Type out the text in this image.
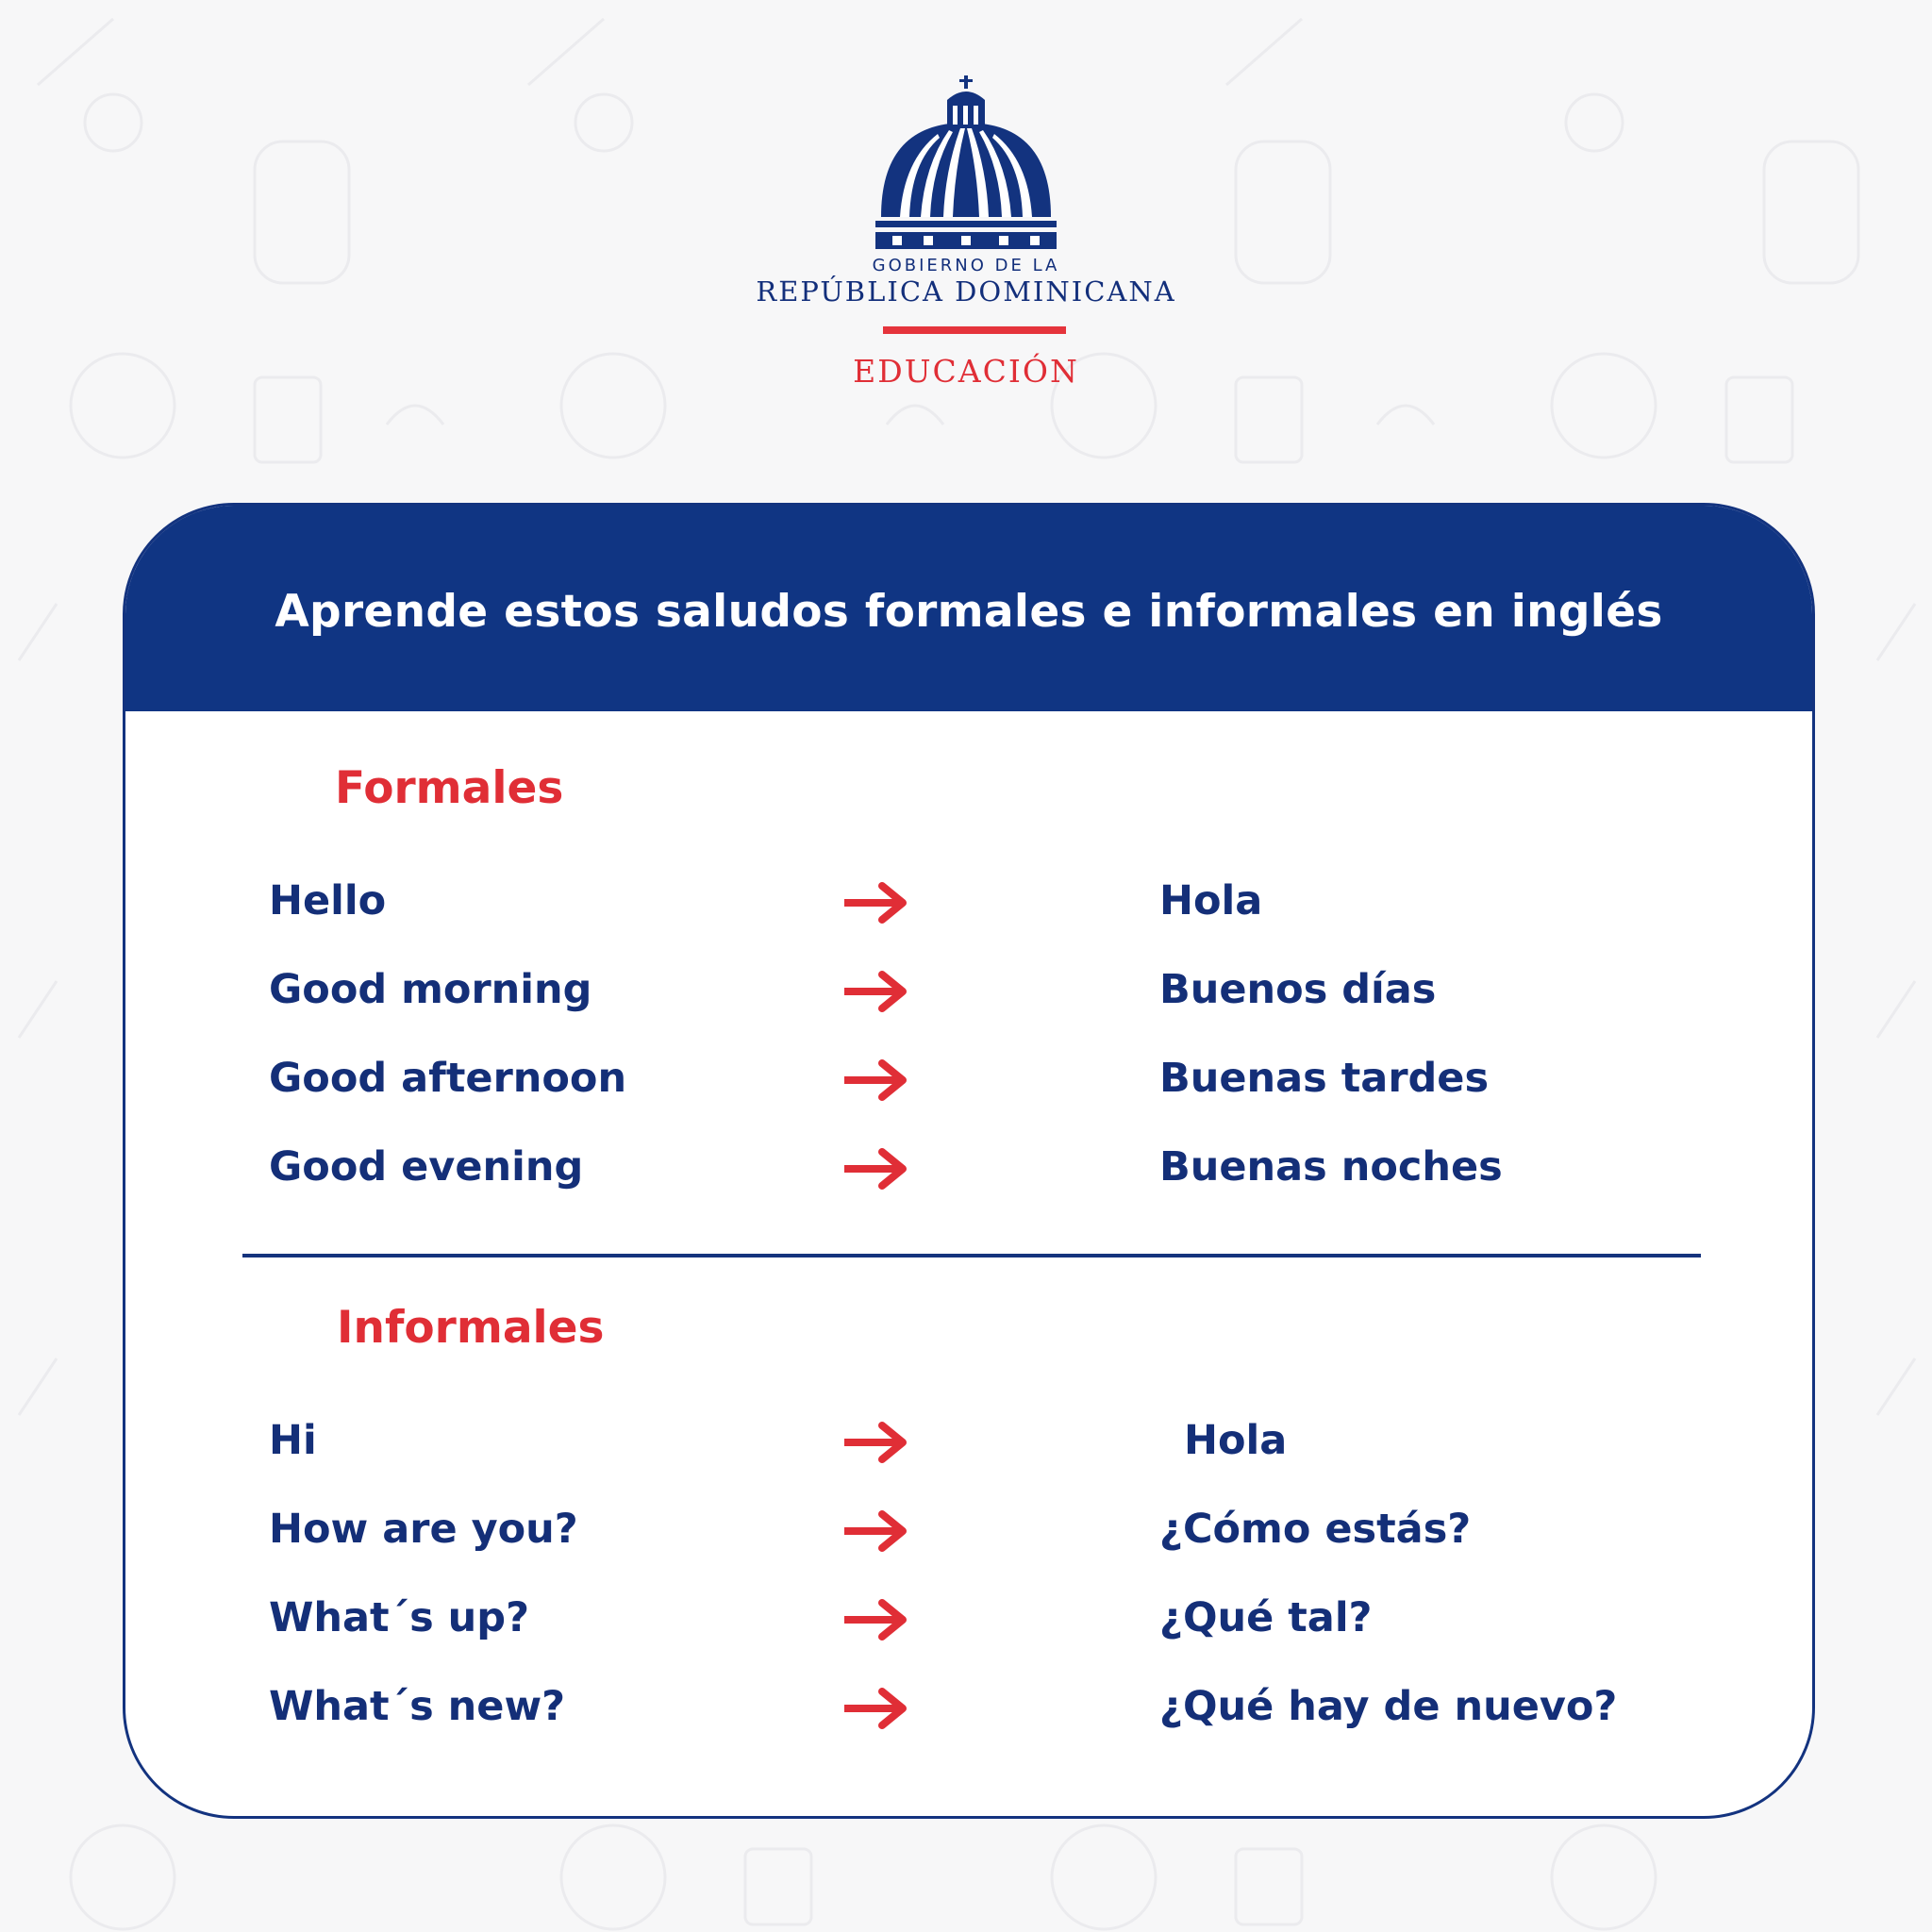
GOBIERNO DE LA
REPÚBLICA DOMINICANA
EDUCACIÓN
Aprende estos saludos formales e informales en inglés
Formales
Hello	Hola
Good morning	Buenos días
Good afternoon	Buenas tardes
Good evening	Buenas noches
Informales
Hi	Hola
How are you?	¿Cómo estás?
What´s up?	¿Qué tal?
What´s new?	¿Qué hay de nuevo?
